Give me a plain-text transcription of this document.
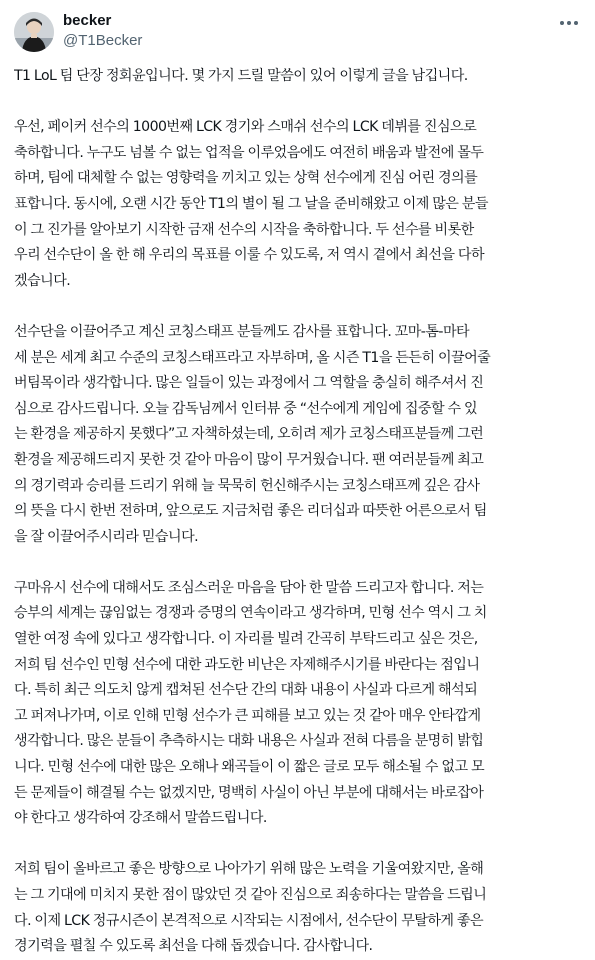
becker
@T1Becker
T1 LoL 팀 단장 정회윤입니다. 몇 가지 드릴 말씀이 있어 이렇게 글을 남깁니다.
우선, 페이커 선수의 1000번째 LCK 경기와 스매쉬 선수의 LCK 데뷔를 진심으로
축하합니다. 누구도 넘볼 수 없는 업적을 이루었음에도 여전히 배움과 발전에 몰두
하며, 팀에 대체할 수 없는 영향력을 끼치고 있는 상혁 선수에게 진심 어린 경의를
표합니다. 동시에, 오랜 시간 동안 T1의 별이 될 그 날을 준비해왔고 이제 많은 분들
이 그 진가를 알아보기 시작한 금재 선수의 시작을 축하합니다. 두 선수를 비롯한
우리 선수단이 올 한 해 우리의 목표를 이룰 수 있도록, 저 역시 곁에서 최선을 다하
겠습니다.
선수단을 이끌어주고 계신 코칭스태프 분들께도 감사를 표합니다. 꼬마-톰-마타
세 분은 세계 최고 수준의 코칭스태프라고 자부하며, 올 시즌 T1을 든든히 이끌어줄
버팀목이라 생각합니다. 많은 일들이 있는 과정에서 그 역할을 충실히 해주셔서 진
심으로 감사드립니다. 오늘 감독님께서 인터뷰 중 “선수에게 게임에 집중할 수 있
는 환경을 제공하지 못했다”고 자책하셨는데, 오히려 제가 코칭스태프분들께 그런
환경을 제공해드리지 못한 것 같아 마음이 많이 무거웠습니다. 팬 여러분들께 최고
의 경기력과 승리를 드리기 위해 늘 묵묵히 헌신해주시는 코칭스태프께 깊은 감사
의 뜻을 다시 한번 전하며, 앞으로도 지금처럼 좋은 리더십과 따뜻한 어른으로서 팀
을 잘 이끌어주시리라 믿습니다.
구마유시 선수에 대해서도 조심스러운 마음을 담아 한 말씀 드리고자 합니다. 저는
승부의 세계는 끊임없는 경쟁과 증명의 연속이라고 생각하며, 민형 선수 역시 그 치
열한 여정 속에 있다고 생각합니다. 이 자리를 빌려 간곡히 부탁드리고 싶은 것은,
저희 팀 선수인 민형 선수에 대한 과도한 비난은 자제해주시기를 바란다는 점입니
다. 특히 최근 의도치 않게 캡쳐된 선수단 간의 대화 내용이 사실과 다르게 해석되
고 퍼져나가며, 이로 인해 민형 선수가 큰 피해를 보고 있는 것 같아 매우 안타깝게
생각합니다. 많은 분들이 추측하시는 대화 내용은 사실과 전혀 다름을 분명히 밝힙
니다. 민형 선수에 대한 많은 오해나 왜곡들이 이 짧은 글로 모두 해소될 수 없고 모
든 문제들이 해결될 수는 없겠지만, 명백히 사실이 아닌 부분에 대해서는 바로잡아
야 한다고 생각하여 강조해서 말씀드립니다.
저희 팀이 올바르고 좋은 방향으로 나아가기 위해 많은 노력을 기울여왔지만, 올해
는 그 기대에 미치지 못한 점이 많았던 것 같아 진심으로 죄송하다는 말씀을 드립니
다. 이제 LCK 정규시즌이 본격적으로 시작되는 시점에서, 선수단이 무탈하게 좋은
경기력을 펼칠 수 있도록 최선을 다해 돕겠습니다. 감사합니다.
